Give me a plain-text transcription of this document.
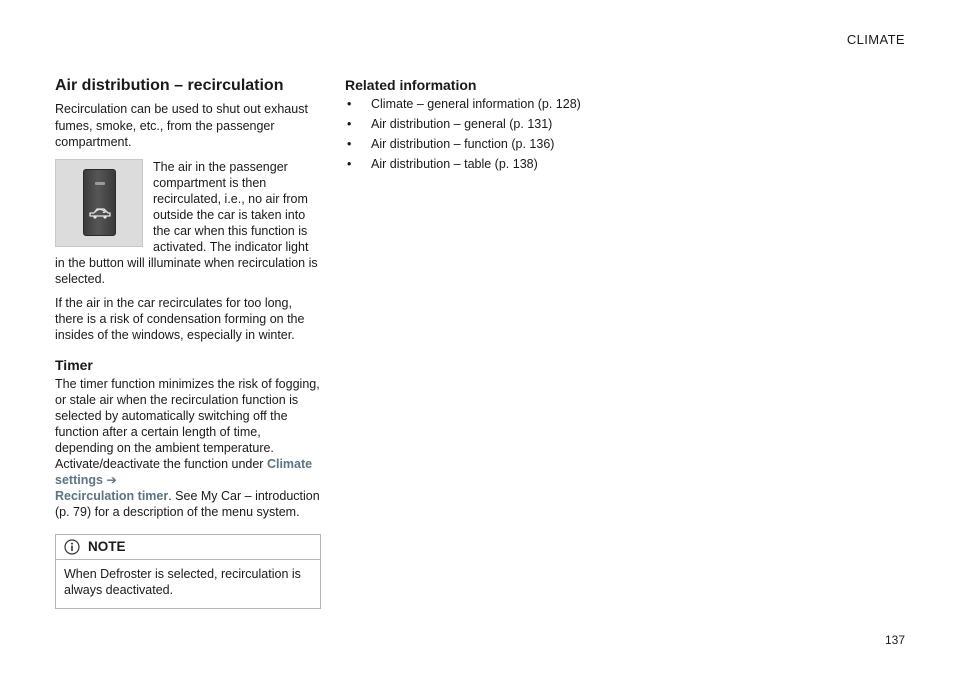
CLIMATE
Air distribution – recirculation

Recirculation can be used to shut out exhaust fumes, smoke, etc., from the passenger compartment.

The air in the passenger compartment is then recirculated, i.e., no air from outside the car is taken into the car when this function is activated. The indicator light in the button will illuminate when recirculation is selected.

If the air in the car recirculates for too long, there is a risk of condensation forming on the insides of the windows, especially in winter.

Timer

The timer function minimizes the risk of fogging, or stale air when the recirculation function is selected by automatically switching off the function after a certain length of time, depending on the ambient temperature. Activate/deactivate the function under Climate settings ➔
Recirculation timer. See My Car – introduction (p. 79) for a description of the menu system.

NOTE
When Defroster is selected, recirculation is always deactivated.
Related information
•	Climate – general information (p. 128)
•	Air distribution – general (p. 131)
•	Air distribution – function (p. 136)
•	Air distribution – table (p. 138)
137
